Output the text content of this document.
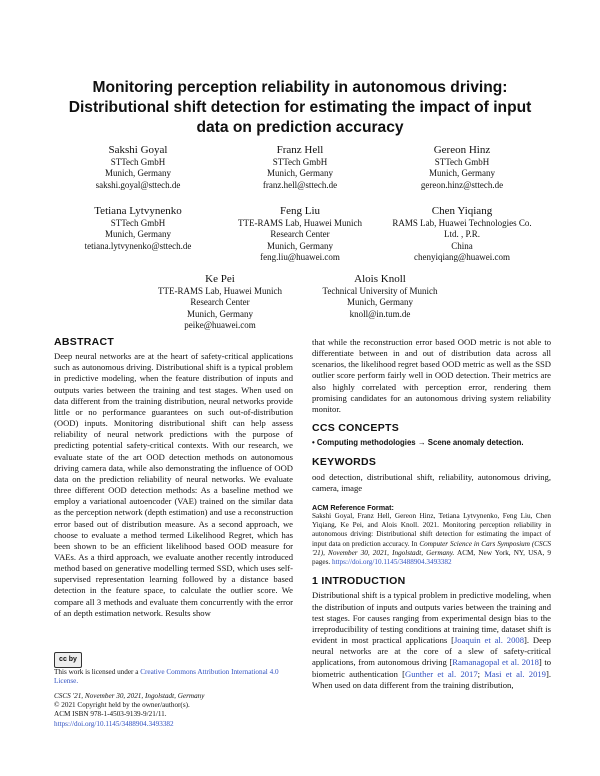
Monitoring perception reliability in autonomous driving:
Distributional shift detection for estimating the impact of input
data on prediction accuracy
Sakshi Goyal
STTech GmbH
Munich, Germany
sakshi.goyal@sttech.de
Franz Hell
STTech GmbH
Munich, Germany
franz.hell@sttech.de
Gereon Hinz
STTech GmbH
Munich, Germany
gereon.hinz@sttech.de
Tetiana Lytvynenko
STTech GmbH
Munich, Germany
tetiana.lytvynenko@sttech.de
Feng Liu
TTE-RAMS Lab, Huawei Munich
Research Center
Munich, Germany
feng.liu@huawei.com
Chen Yiqiang
RAMS Lab, Huawei Technologies Co.
Ltd. , P.R.
China
chenyiqiang@huawei.com
Ke Pei
TTE-RAMS Lab, Huawei Munich
Research Center
Munich, Germany
peike@huawei.com
Alois Knoll
Technical University of Munich
Munich, Germany
knoll@in.tum.de
ABSTRACT

Deep neural networks are at the heart of safety-critical applications such as autonomous driving. Distributional shift is a typical problem in predictive modeling, when the feature distribution of inputs and outputs varies between the training and test stages. When used on data different from the training distribution, neural networks provide little or no performance guarantees on such out-of-distribution (OOD) inputs. Monitoring distributional shift can help assess reliability of neural network predictions with the purpose of predicting potential safety-critical contexts. With our research, we evaluate state of the art OOD detection methods on autonomous driving camera data, while also demonstrating the influence of OOD data on the prediction reliability of neural networks. We evaluate three different OOD detection methods: As a baseline method we employ a variational autoencoder (VAE) trained on the similar data as the perception network (depth estimation) and use a reconstruction error based out of distribution measure. As a second approach, we choose to evaluate a method termed Likelihood Regret, which has been shown to be an efficient likelihood based OOD measure for VAEs. As a third approach, we evaluate another recently introduced method based on generative modelling termed SSD, which uses self-supervised representation learning followed by a distance based detection in the feature space, to calculate the outlier score. We compare all 3 methods and evaluate them concurrently with the error of an depth estimation network. Results show

cc by
This work is licensed under a Creative Commons Attribution International 4.0 License.
CSCS '21, November 30, 2021, Ingolstadt, Germany
© 2021 Copyright held by the owner/author(s).
ACM ISBN 978-1-4503-9139-9/21/11.
https://doi.org/10.1145/3488904.3493382

that while the reconstruction error based OOD metric is not able to differentiate between in and out of distribution data across all scenarios, the likelihood regret based OOD metric as well as the SSD outlier score perform fairly well in OOD detection. Their metrics are also highly correlated with perception error, rendering them promising candidates for an autonomous driving system reliability monitor.

CCS CONCEPTS

• Computing methodologies → Scene anomaly detection.

KEYWORDS

ood detection, distributional shift, reliability, autonomous driving, camera, image

ACM Reference Format:

Sakshi Goyal, Franz Hell, Gereon Hinz, Tetiana Lytvynenko, Feng Liu, Chen Yiqiang, Ke Pei, and Alois Knoll. 2021. Monitoring perception reliability in autonomous driving: Distributional shift detection for estimating the impact of input data on prediction accuracy. In Computer Science in Cars Symposium (CSCS '21), November 30, 2021, Ingolstadt, Germany. ACM, New York, NY, USA, 9 pages. https://doi.org/10.1145/3488904.3493382

1 INTRODUCTION

Distributional shift is a typical problem in predictive modeling, when the distribution of inputs and outputs varies between the training and test stages. For causes ranging from experimental design bias to the irreproducibility of testing conditions at training time, dataset shift is evident in most practical applications [Joaquin et al. 2008]. Deep neural networks are at the core of a slew of safety-critical applications, from autonomous driving [Ramanagopal et al. 2018] to biometric authentication [Gunther et al. 2017; Masi et al. 2019]. When used on data different from the training distribution,
